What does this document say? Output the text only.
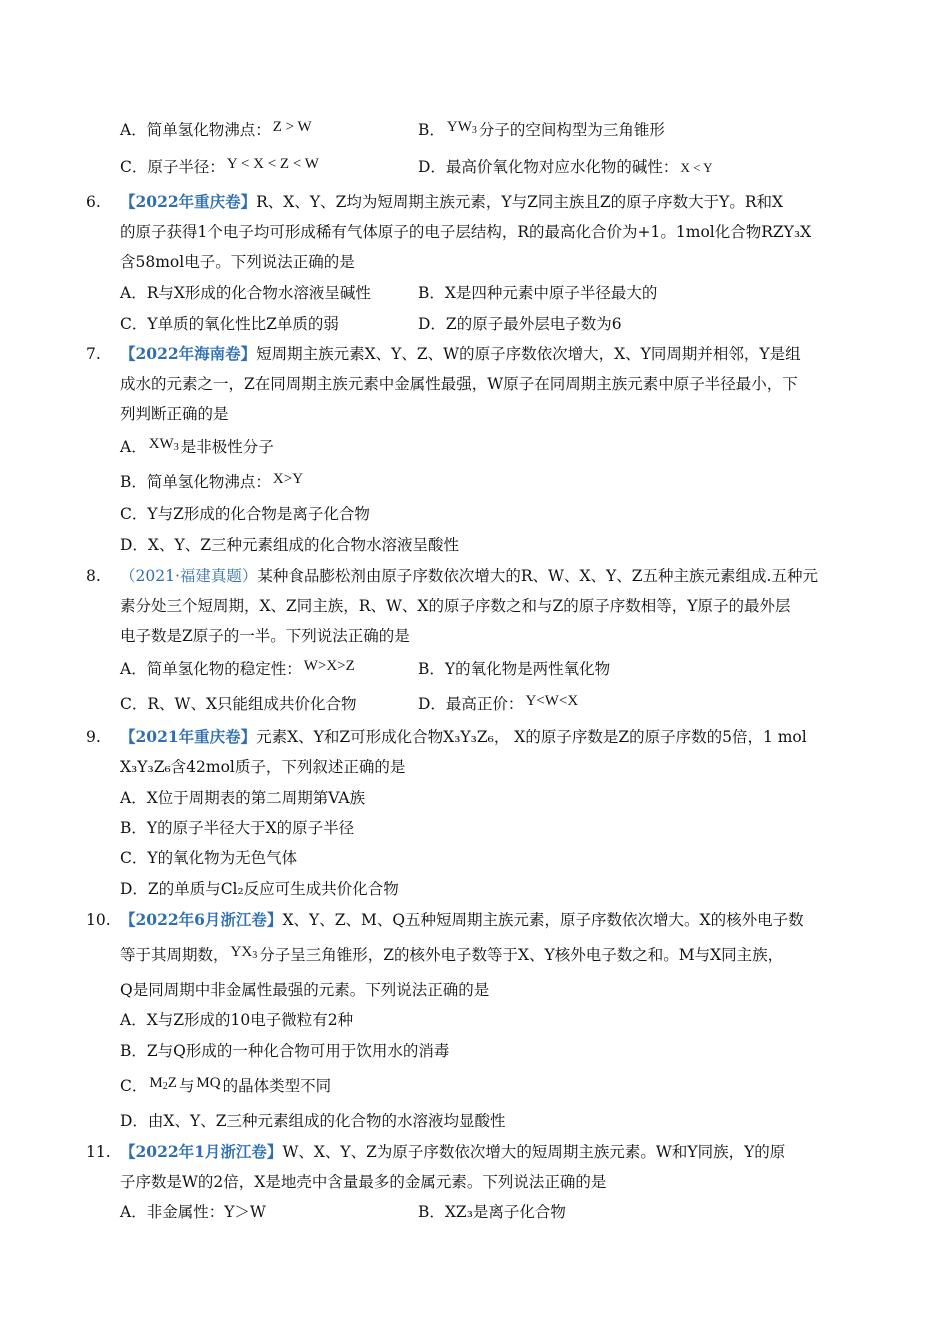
A．简单氢化物沸点： Z > W	B． $YW_3$ 分子的空间构型为三角锥形
C．原子半径： Y < X < Z < W	D．最高价氧化物对应水化物的碱性： X < Y
6. 【2022年重庆卷】R、X、Y、Z均为短周期主族元素，Y与Z同主族且Z的原子序数大于Y。R和X
的原子获得1个电子均可形成稀有气体原子的电子层结构，R的最高化合价为+1。1mol化合物RZY₃X
含58mol电子。下列说法正确的是
A．R与X形成的化合物水溶液呈碱性	B．X是四种元素中原子半径最大的
C．Y单质的氧化性比Z单质的弱	D．Z的原子最外层电子数为6
7. 【2022年海南卷】短周期主族元素X、Y、Z、W的原子序数依次增大，X、Y同周期并相邻，Y是组
成水的元素之一，Z在同周期主族元素中金属性最强，W原子在同周期主族元素中原子半径最小，下
列判断正确的是
A． $XW_3$ 是非极性分子
B．简单氢化物沸点： X>Y
C．Y与Z形成的化合物是离子化合物
D．X、Y、Z三种元素组成的化合物水溶液呈酸性
8. （2021·福建真题）某种食品膨松剂由原子序数依次增大的R、W、X、Y、Z五种主族元素组成.五种元
素分处三个短周期，X、Z同主族，R、W、X的原子序数之和与Z的原子序数相等，Y原子的最外层
电子数是Z原子的一半。下列说法正确的是
A．简单氢化物的稳定性： W>X>Z	B．Y的氧化物是两性氧化物
C．R、W、X只能组成共价化合物	D．最高正价： Y<W<X
9. 【2021年重庆卷】元素X、Y和Z可形成化合物X₃Y₃Z₆， X的原子序数是Z的原子序数的5倍，1 mol
X₃Y₃Z₆含42mol质子，下列叙述正确的是
A．X位于周期表的第二周期第VA族
B．Y的原子半径大于X的原子半径
C．Y的氧化物为无色气体
D．Z的单质与Cl₂反应可生成共价化合物
10. 【2022年6月浙江卷】X、Y、Z、M、Q五种短周期主族元素，原子序数依次增大。X的核外电子数
等于其周期数， $YX_3$ 分子呈三角锥形，Z的核外电子数等于X、Y核外电子数之和。M与X同主族，
Q是同周期中非金属性最强的元素。下列说法正确的是
A．X与Z形成的10电子微粒有2种
B．Z与Q形成的一种化合物可用于饮用水的消毒
C． $M_2Z$ 与 MQ 的晶体类型不同
D．由X、Y、Z三种元素组成的化合物的水溶液均显酸性
11. 【2022年1月浙江卷】W、X、Y、Z为原子序数依次增大的短周期主族元素。W和Y同族，Y的原
子序数是W的2倍，X是地壳中含量最多的金属元素。下列说法正确的是
A．非金属性：Y＞W	B．XZ₃是离子化合物
